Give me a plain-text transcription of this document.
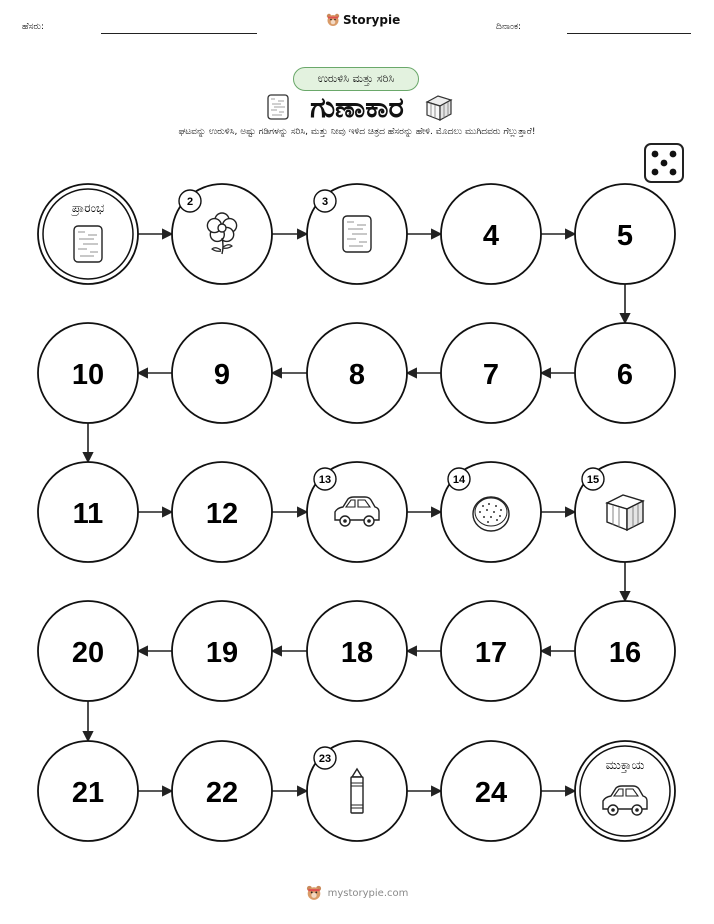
ಹೆಸರು:	Storypie	ದಿನಾಂಕ:
ಉರುಳಿಸಿ ಮತ್ತು ಸರಿಸಿ
ಗುಣಾಕಾರ
ಘಟವನ್ನು ಉರುಳಿಸಿ, ಅಷ್ಟು ಗಡಿಗಳನ್ನು ಸರಿಸಿ, ಮತ್ತು ನೀವು ಇಳಿದ ಚಿತ್ರದ ಹೆಸರನ್ನು ಹೇಳಿ. ಮೊದಲು ಮುಗಿದವರು ಗೆಲ್ಲುತ್ತಾರೆ!
ಪ್ರಾರಂಭ	2	3
4	5
6
7
8
9
10
11	12
13	14	15
16
17
18
19
20
21	22
23
24
ಮುಕ್ತಾಯ
mystorypie.com
